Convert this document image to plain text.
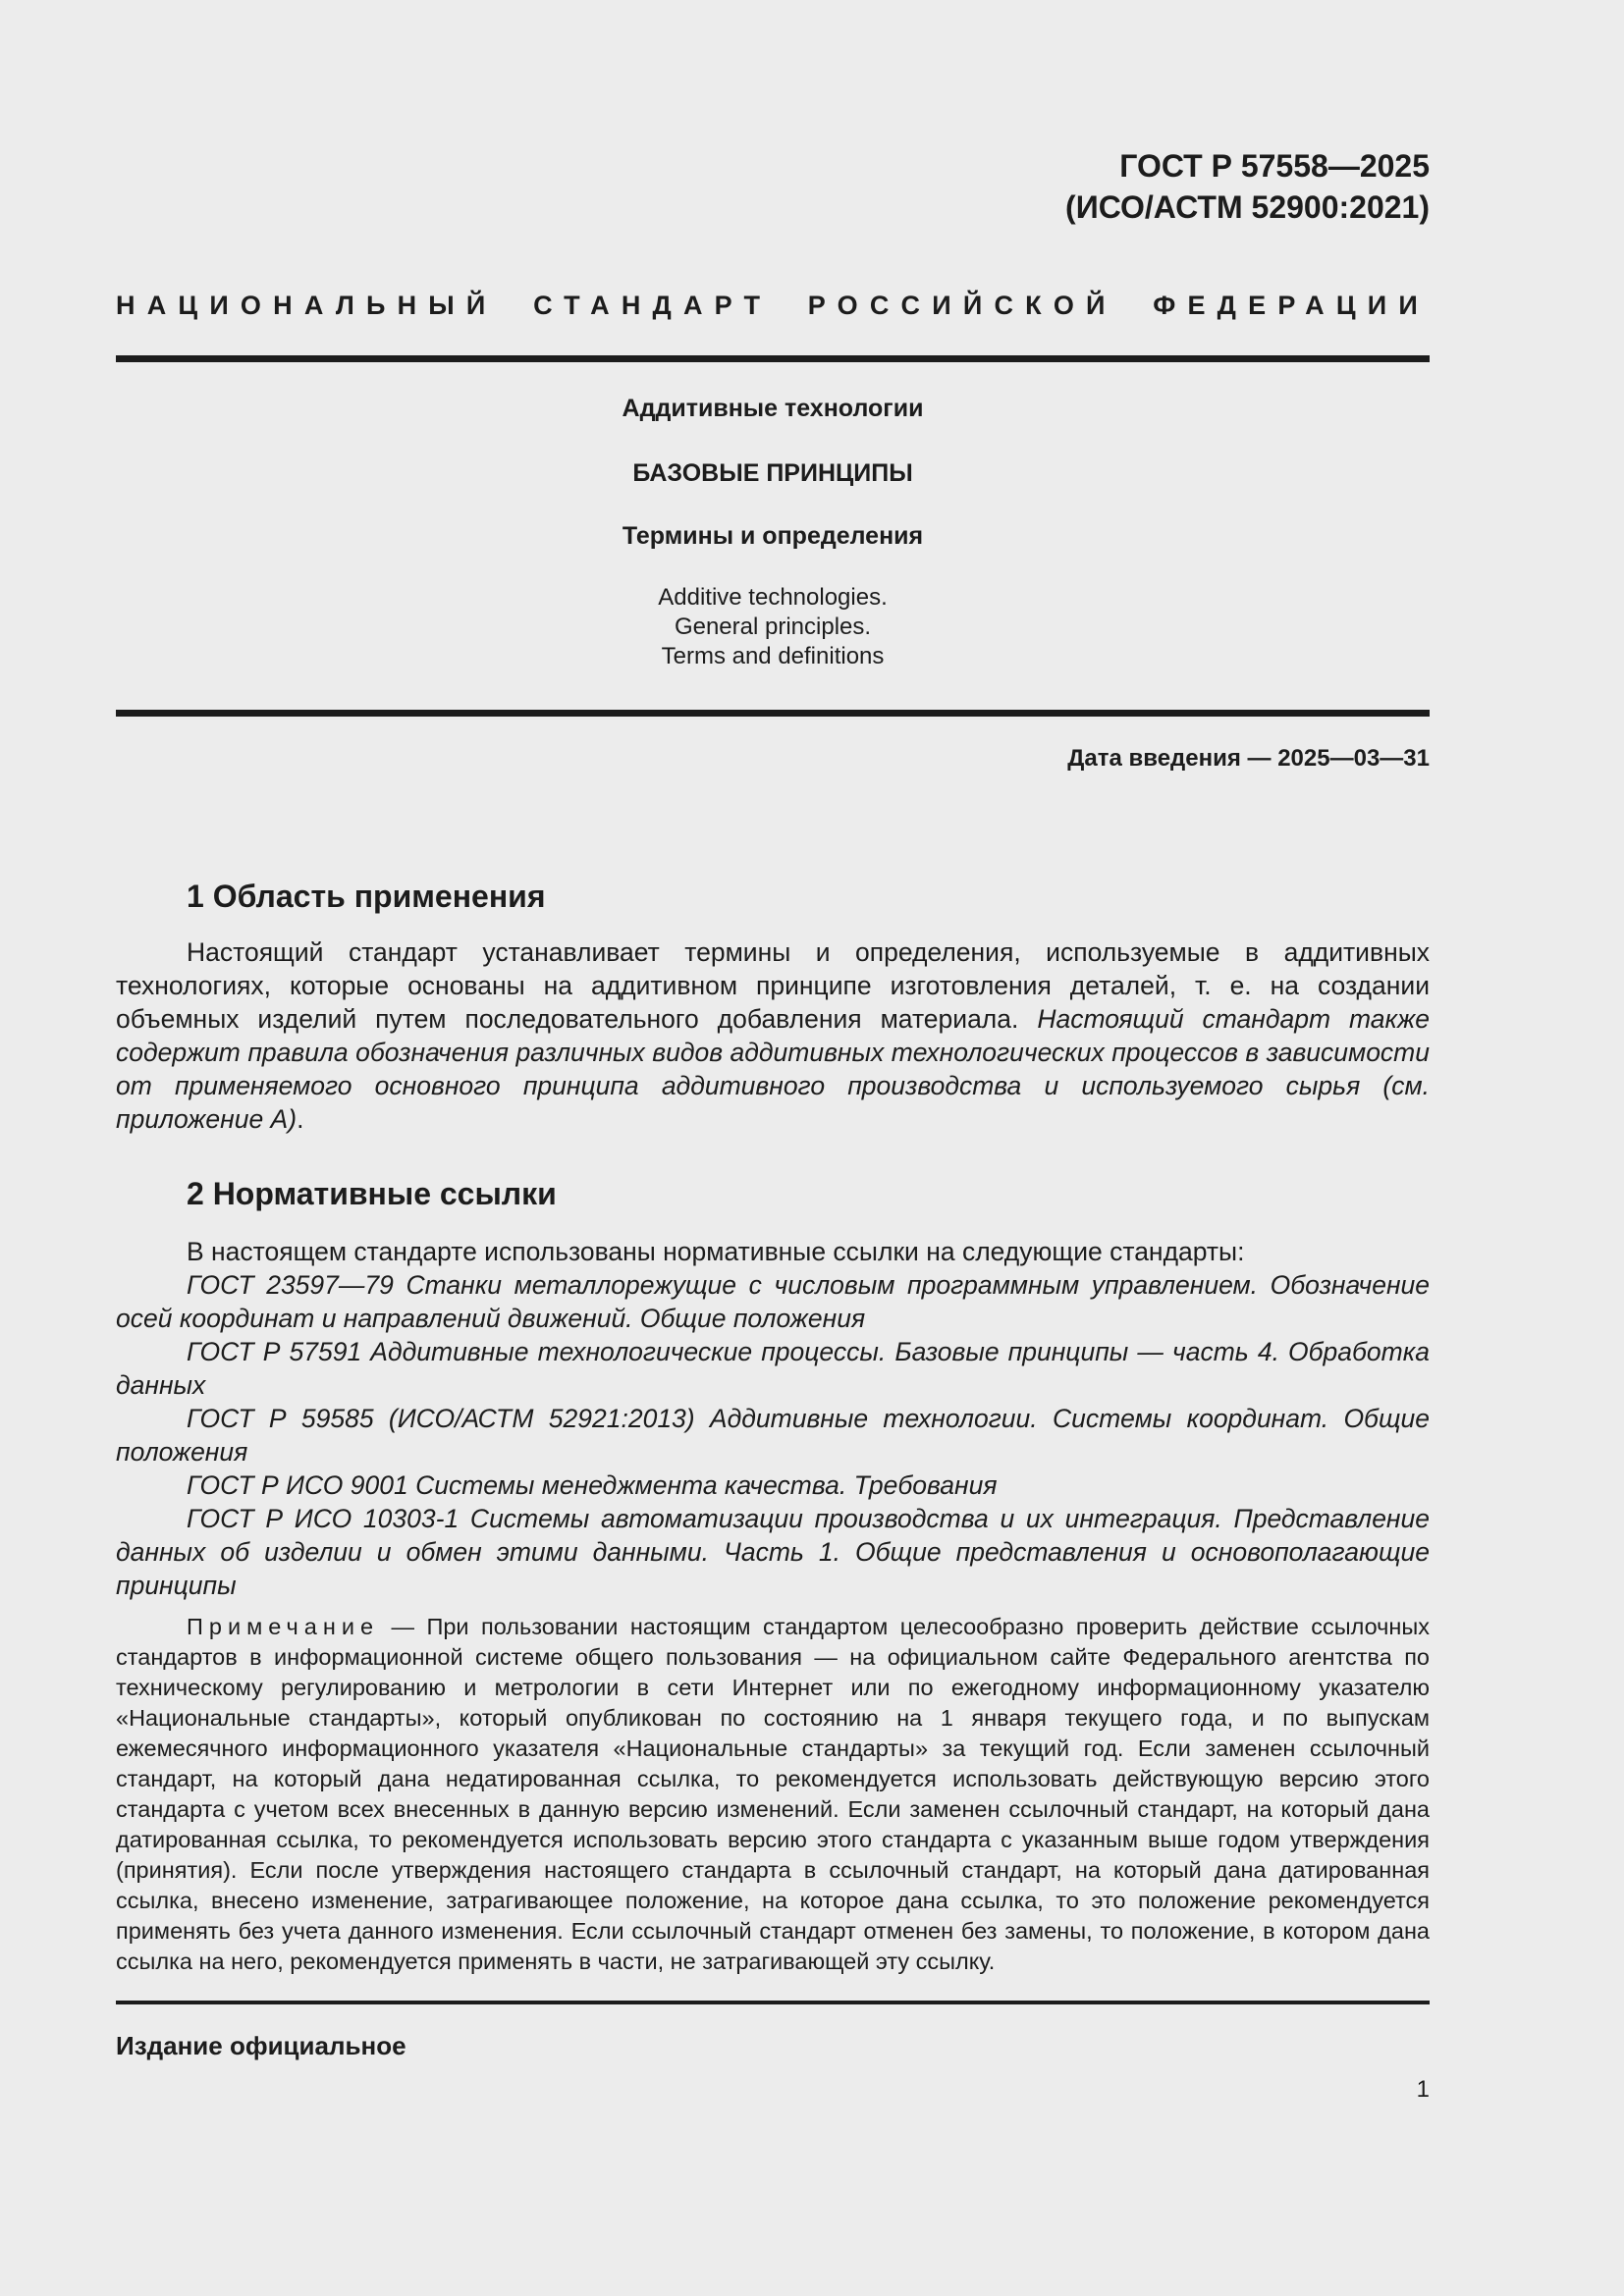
ГОСТ Р 57558—2025
(ИСО/АСТМ 52900:2021)
НАЦИОНАЛЬНЫЙ СТАНДАРТ РОССИЙСКОЙ ФЕДЕРАЦИИ
Аддитивные технологии
БАЗОВЫЕ ПРИНЦИПЫ
Термины и определения
Additive technologies.
General principles.
Terms and definitions
Дата введения — 2025—03—31
1 Область применения

Настоящий стандарт устанавливает термины и определения, используемые в аддитивных технологиях, которые основаны на аддитивном принципе изготовления деталей, т. е. на создании объемных изделий путем последовательного добавления материала. Настоящий стандарт также содержит правила обозначения различных видов аддитивных технологических процессов в зависимости от применяемого основного принципа аддитивного производства и используемого сырья (см. приложение А).

2 Нормативные ссылки

В настоящем стандарте использованы нормативные ссылки на следующие стандарты:

ГОСТ 23597—79 Станки металлорежущие с числовым программным управлением. Обозначение осей координат и направлений движений. Общие положения

ГОСТ Р 57591 Аддитивные технологические процессы. Базовые принципы — часть 4. Обработка данных

ГОСТ Р 59585 (ИСО/АСТМ 52921:2013) Аддитивные технологии. Системы координат. Общие положения

ГОСТ Р ИСО 9001 Системы менеджмента качества. Требования

ГОСТ Р ИСО 10303-1 Системы автоматизации производства и их интеграция. Представление данных об изделии и обмен этими данными. Часть 1. Общие представления и основополагающие принципы

Примечание — При пользовании настоящим стандартом целесообразно проверить действие ссылочных стандартов в информационной системе общего пользования — на официальном сайте Федерального агентства по техническому регулированию и метрологии в сети Интернет или по ежегодному информационному указателю «Национальные стандарты», который опубликован по состоянию на 1 января текущего года, и по выпускам ежемесячного информационного указателя «Национальные стандарты» за текущий год. Если заменен ссылочный стандарт, на который дана недатированная ссылка, то рекомендуется использовать действующую версию этого стандарта с учетом всех внесенных в данную версию изменений. Если заменен ссылочный стандарт, на который дана датированная ссылка, то рекомендуется использовать версию этого стандарта с указанным выше годом утверждения (принятия). Если после утверждения настоящего стандарта в ссылочный стандарт, на который дана датированная ссылка, внесено изменение, затрагивающее положение, на которое дана ссылка, то это положение рекомендуется применять без учета данного изменения. Если ссылочный стандарт отменен без замены, то положение, в котором дана ссылка на него, рекомендуется применять в части, не затрагивающей эту ссылку.

Издание официальное
1
